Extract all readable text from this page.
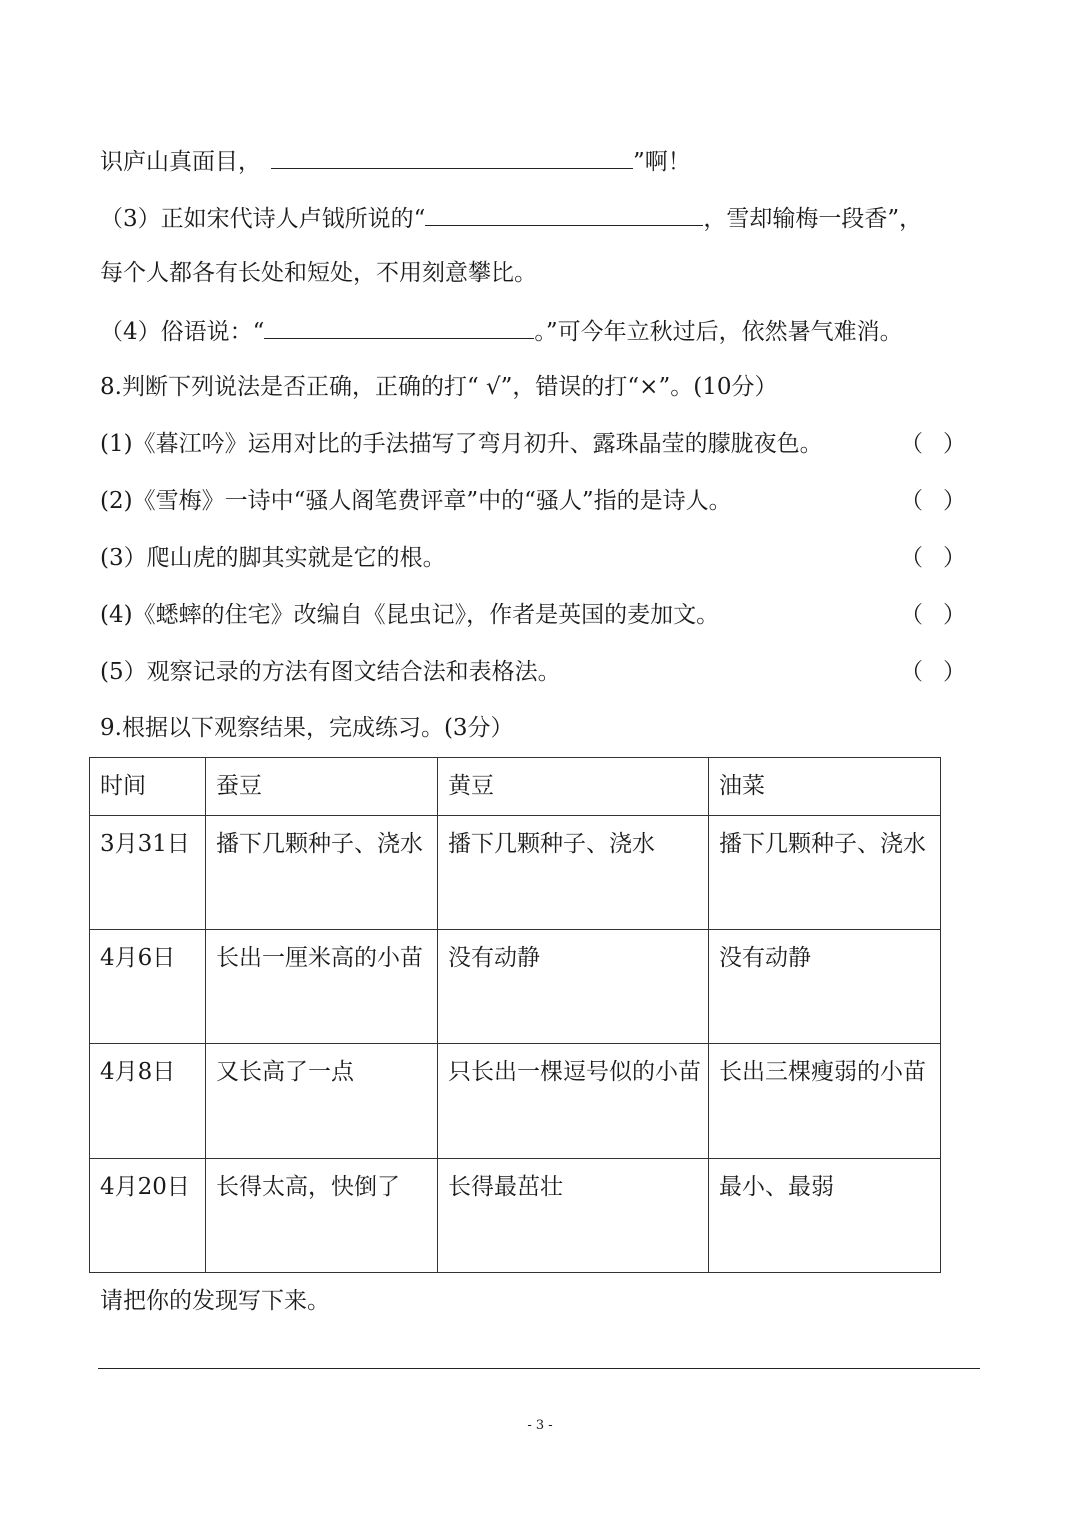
识庐山真面目，	”啊！
（3）正如宋代诗人卢钺所说的“	，雪却输梅一段香”，
每个人都各有长处和短处，不用刻意攀比。
（4）俗语说：“	。”可今年立秋过后，依然暑气难消。
8.判断下列说法是否正确，正确的打“ √”，错误的打“×”。(10分）
(1)《暮江吟》运用对比的手法描写了弯月初升、露珠晶莹的朦胧夜色。	（ ）
(2)《雪梅》一诗中“骚人阁笔费评章”中的“骚人”指的是诗人。	（ ）
(3）爬山虎的脚其实就是它的根。	（ ）
(4)《蟋蟀的住宅》改编自《昆虫记》，作者是英国的麦加文。	（ ）
(5）观察记录的方法有图文结合法和表格法。	（ ）
9.根据以下观察结果，完成练习。(3分）
时间	蚕豆	黄豆	油菜

3月31日	播下几颗种子、浇水	播下几颗种子、浇水	播下几颗种子、浇水

4月6日	长出一厘米高的小苗	没有动静	没有动静

4月8日	又长高了一点	只长出一棵逗号似的小苗	长出三棵瘦弱的小苗

4月20日	长得太高，快倒了	长得最茁壮	最小、最弱
请把你的发现写下来。
- 3 -
